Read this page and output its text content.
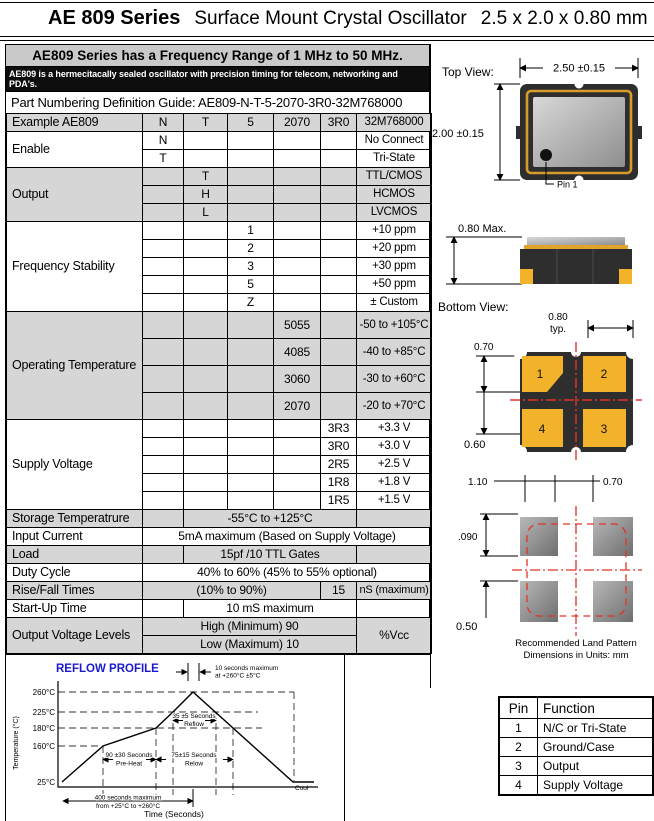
AE 809 Series Surface Mount Crystal Oscillator 2.5 x 2.0 x 0.80 mm
AE809 Series has a Frequency Range of 1 MHz to 50 MHz.
AE809 is a hermecitacally sealed oscillator with precision timing for telecom, networking and PDA's.
Part Numbering Definition Guide: AE809-N-T-5-2070-3R0-32M768000
Example AE809	N	T	5	2070	3R0	32M768000
Enable	N					No Connect
	T					Tri-State
Output		T				TTL/CMOS
		H				HCMOS
		L				LVCMOS
Frequency Stability			1			+10 ppm
			2			+20 ppm
			3			+30 ppm
			5			+50 ppm
			Z			± Custom
Operating Temperature				5055		-50 to +105°C
				4085		-40 to +85°C
				3060		-30 to +60°C
				2070		-20 to +70°C
Supply Voltage					3R3	+3.3 V
					3R0	+3.0 V
					2R5	+2.5 V
					1R8	+1.8 V
					1R5	+1.5 V
Storage Temperatrure		-55°C to +125°C				
Input Current	5mA maximum (Based on Supply Voltage)					
Load		15pf /10 TTL Gates				
Duty Cycle	40% to 60% (45% to 55% optional)					
Rise/Fall Times	(10% to 90%)				15	nS (maximum)
Start-Up Time		10 mS maximum				
Output Voltage Levels	High (Minimum) 90					%Vcc
	Low (Maximum) 10					
REFLOW PROFILE
Temperature (°C)
260°C
225°C
180°C
160°C
25°C
10 seconds maximum
at +260°C ±5°C
35 ±5 Seconds
Reflow
90 ±30 Seconds
Pre-Heat
75±15 Seconds
Relow
400 seconds maximum
from +25°C to +260°C
Cool
Time (Seconds)
Top View:	2.50 ±0.15
2.00 ±0.15
Pin 1
0.80 Max.
Bottom View:
0.80
typ.
0.70
0.60
1	2
4	3
1.10	0.70
.090
0.50
Recommended Land Pattern
Dimensions in Units: mm
Pin	Function
1	N/C or Tri-State
2	Ground/Case
3	Output
4	Supply Voltage
